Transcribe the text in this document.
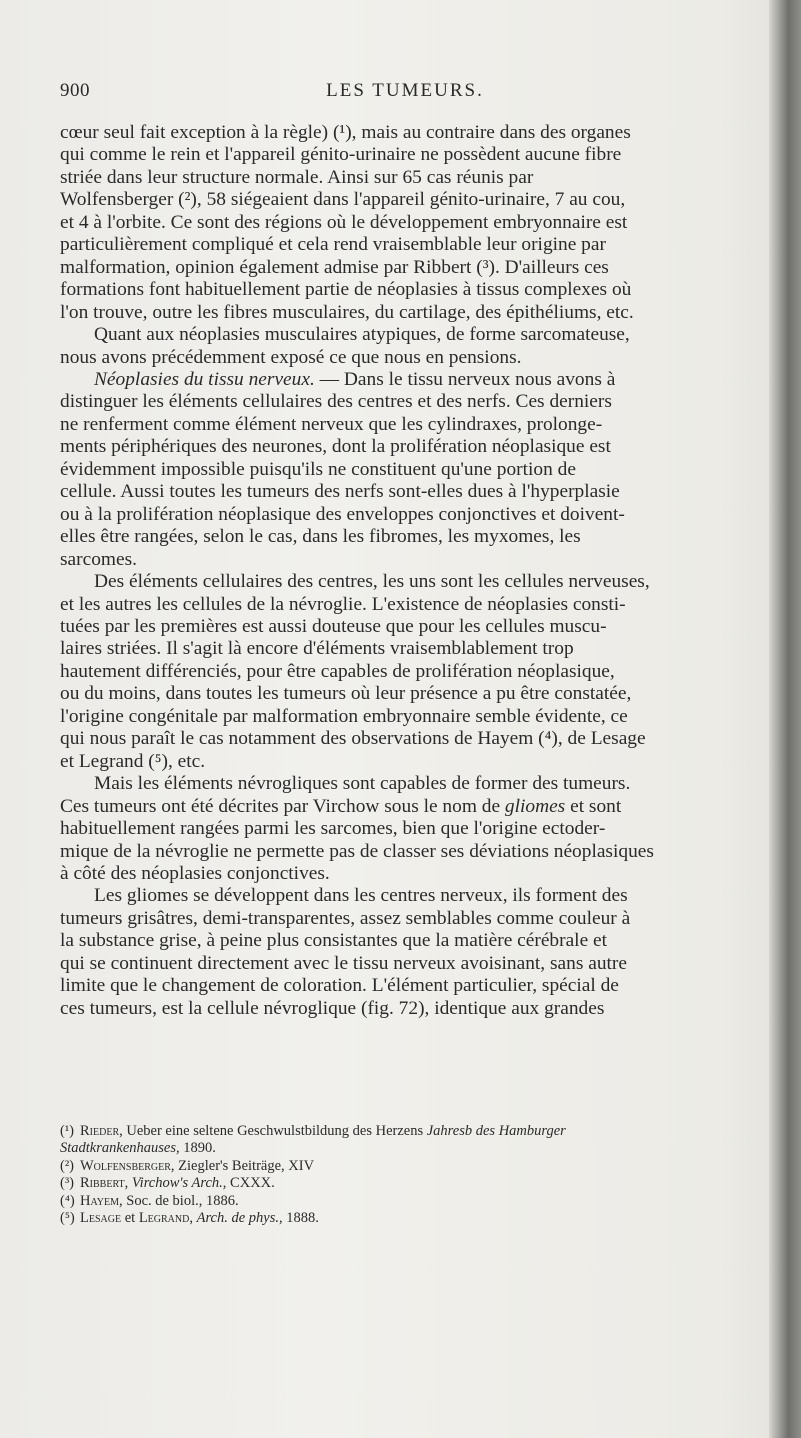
900	LES TUMEURS.

cœur seul fait exception à la règle) (¹), mais au contraire dans des organes

qui comme le rein et l'appareil génito-urinaire ne possèdent aucune fibre

striée dans leur structure normale. Ainsi sur 65 cas réunis par

Wolfensberger (²), 58 siégeaient dans l'appareil génito-urinaire, 7 au cou,

et 4 à l'orbite. Ce sont des régions où le développement embryonnaire est

particulièrement compliqué et cela rend vraisemblable leur origine par

malformation, opinion également admise par Ribbert (³). D'ailleurs ces

formations font habituellement partie de néoplasies à tissus complexes où

l'on trouve, outre les fibres musculaires, du cartilage, des épithéliums, etc.

Quant aux néoplasies musculaires atypiques, de forme sarcomateuse,

nous avons précédemment exposé ce que nous en pensions.

Néoplasies du tissu nerveux. — Dans le tissu nerveux nous avons à

distinguer les éléments cellulaires des centres et des nerfs. Ces derniers

ne renferment comme élément nerveux que les cylindraxes, prolonge-

ments périphériques des neurones, dont la prolifération néoplasique est

évidemment impossible puisqu'ils ne constituent qu'une portion de

cellule. Aussi toutes les tumeurs des nerfs sont-elles dues à l'hyperplasie

ou à la prolifération néoplasique des enveloppes conjonctives et doivent-

elles être rangées, selon le cas, dans les fibromes, les myxomes, les

sarcomes.

Des éléments cellulaires des centres, les uns sont les cellules nerveuses,

et les autres les cellules de la névroglie. L'existence de néoplasies consti-

tuées par les premières est aussi douteuse que pour les cellules muscu-

laires striées. Il s'agit là encore d'éléments vraisemblablement trop

hautement différenciés, pour être capables de prolifération néoplasique,

ou du moins, dans toutes les tumeurs où leur présence a pu être constatée,

l'origine congénitale par malformation embryonnaire semble évidente, ce

qui nous paraît le cas notamment des observations de Hayem (⁴), de Lesage

et Legrand (⁵), etc.

Mais les éléments névrogliques sont capables de former des tumeurs.

Ces tumeurs ont été décrites par Virchow sous le nom de gliomes et sont

habituellement rangées parmi les sarcomes, bien que l'origine ectoder-

mique de la névroglie ne permette pas de classer ses déviations néoplasiques

à côté des néoplasies conjonctives.

Les gliomes se développent dans les centres nerveux, ils forment des

tumeurs grisâtres, demi-transparentes, assez semblables comme couleur à

la substance grise, à peine plus consistantes que la matière cérébrale et

qui se continuent directement avec le tissu nerveux avoisinant, sans autre

limite que le changement de coloration. L'élément particulier, spécial de

ces tumeurs, est la cellule névroglique (fig. 72), identique aux grandes

(¹) Rieder, Ueber eine seltene Geschwulstbildung des Herzens Jahresb des Hamburger

Stadtkrankenhauses, 1890.

(²) Wolfensberger, Ziegler's Beiträge, XIV

(³) Ribbert, Virchow's Arch., CXXX.

(⁴) Hayem, Soc. de biol., 1886.

(⁵) Lesage et Legrand, Arch. de phys., 1888.
